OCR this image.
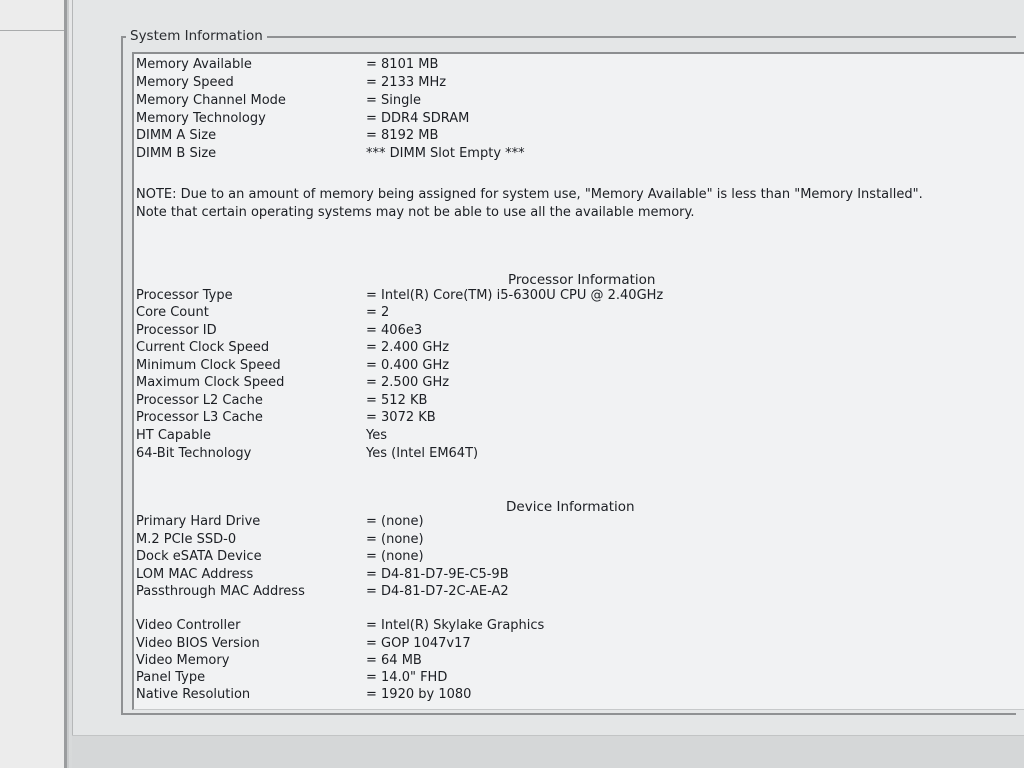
System Information
Memory Available	= 8101 MB
Memory Speed	= 2133 MHz
Memory Channel Mode	= Single
Memory Technology	= DDR4 SDRAM
DIMM A Size	= 8192 MB
DIMM B Size	*** DIMM Slot Empty ***
NOTE: Due to an amount of memory being assigned for system use, "Memory Available" is less than "Memory Installed". Note that certain operating systems may not be able to use all the available memory.
Processor Information
Processor Type	= Intel(R) Core(TM) i5-6300U CPU @ 2.40GHz
Core Count	= 2
Processor ID	= 406e3
Current Clock Speed	= 2.400 GHz
Minimum Clock Speed	= 0.400 GHz
Maximum Clock Speed	= 2.500 GHz
Processor L2 Cache	= 512 KB
Processor L3 Cache	= 3072 KB
HT Capable	Yes
64-Bit Technology	Yes (Intel EM64T)
Device Information
Primary Hard Drive	= (none)
M.2 PCIe SSD-0	= (none)
Dock eSATA Device	= (none)
LOM MAC Address	= D4-81-D7-9E-C5-9B
Passthrough MAC Address	= D4-81-D7-2C-AE-A2
Video Controller	= Intel(R) Skylake Graphics
Video BIOS Version	= GOP 1047v17
Video Memory	= 64 MB
Panel Type	= 14.0" FHD
Native Resolution	= 1920 by 1080
